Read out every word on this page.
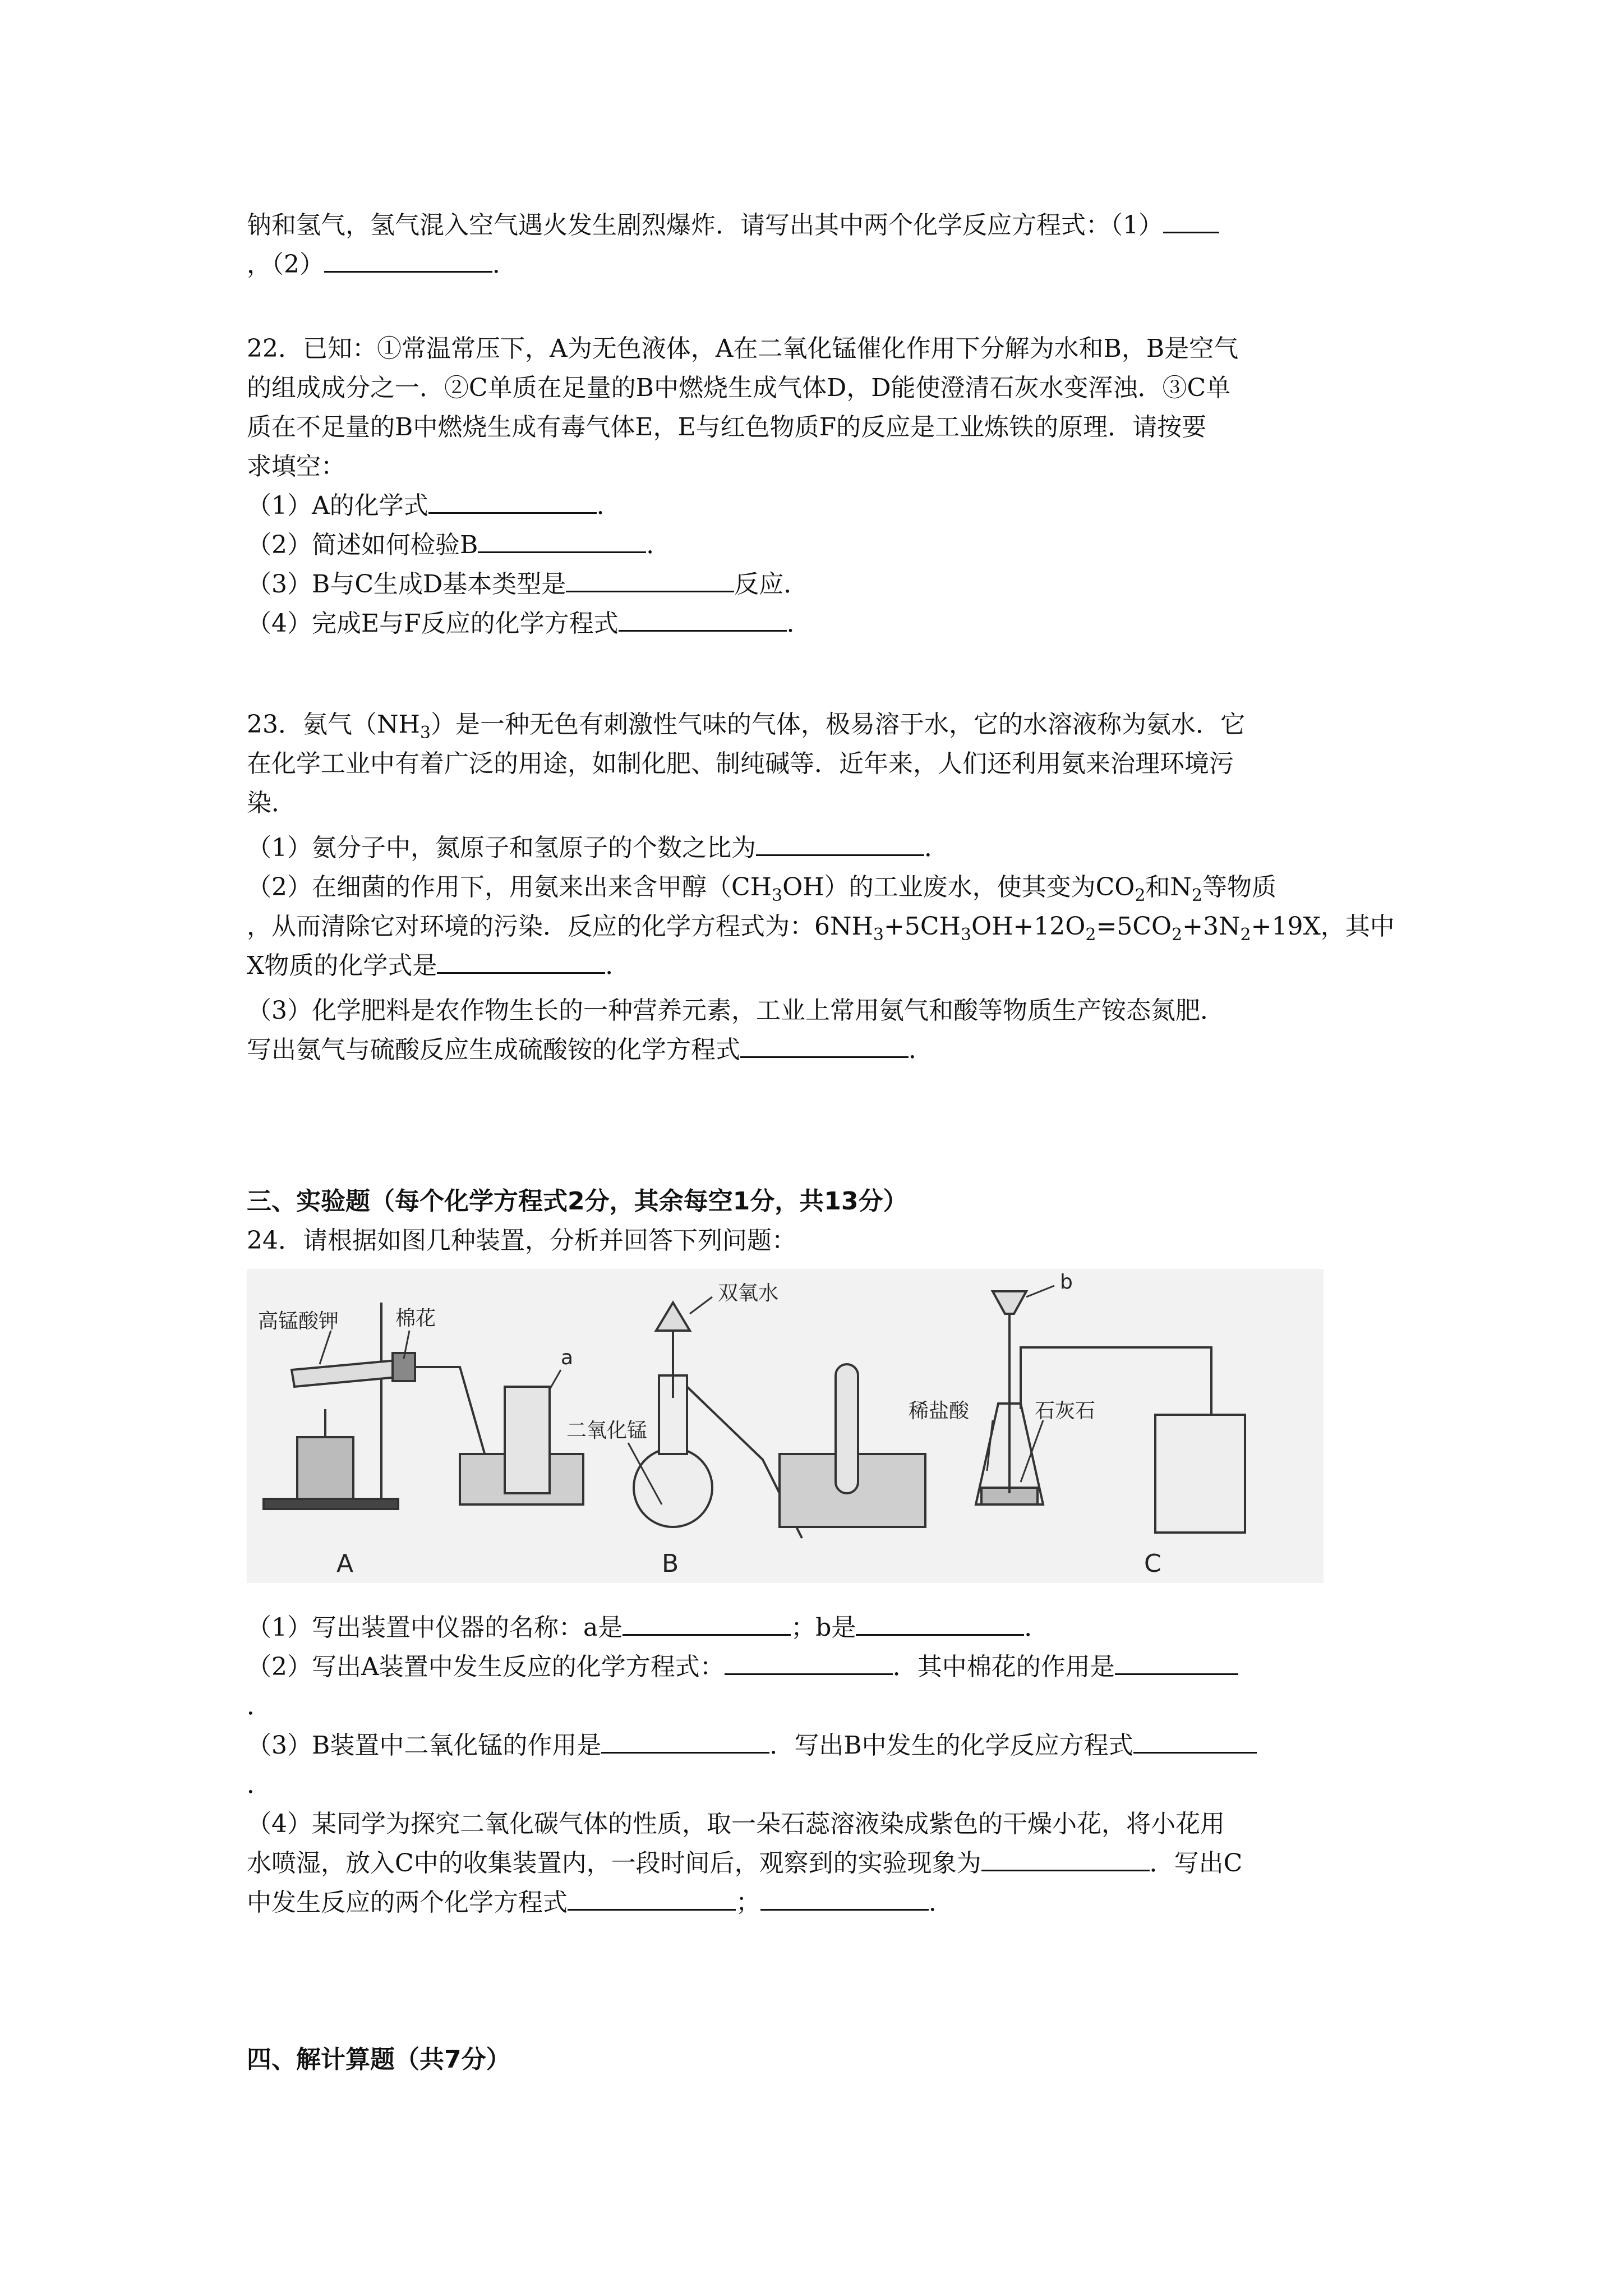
钠和氢气，氢气混入空气遇火发生剧烈爆炸．请写出其中两个化学反应方程式：（1）
，（2）	．
22．已知：①常温常压下，A为无色液体，A在二氧化锰催化作用下分解为水和B，B是空气
的组成成分之一．②C单质在足量的B中燃烧生成气体D，D能使澄清石灰水变浑浊．③C单
质在不足量的B中燃烧生成有毒气体E，E与红色物质F的反应是工业炼铁的原理．请按要
求填空：
（1）A的化学式	．
（2）简述如何检验B	．
（3）B与C生成D基本类型是	反应．
（4）完成E与F反应的化学方程式	．
23．氨气$(NH_3)$是一种无色有刺激性气味的气体，极易溶于水，它的水溶液称为氨水．它
在化学工业中有着广泛的用途，如制化肥、制纯碱等．近年来，人们还利用氨来治理环境污
染．
（1）氨分子中，氮原子和氢原子的个数之比为	．
（2）在细菌的作用下，用氨来出来含甲醇$(CH_3OH)$的工业废水，使其变为$CO_2$和$N_2$等物质
，从而清除它对环境的污染．反应的化学方程式为：$6NH_3+5CH_3OH+12O_2=5CO_2+3N_2+19X$，其中
X物质的化学式是	．
（3）化学肥料是农作物生长的一种营养元素，工业上常用氨气和酸等物质生产铵态氮肥．
写出氨气与硫酸反应生成硫酸铵的化学方程式	．
三、实验题（每个化学方程式2分，其余每空1分，共13分）
24．请根据如图几种装置，分析并回答下列问题：
高锰酸钾	棉花
a
双氧水
二氧化锰
b
稀盐酸	石灰石
A	B	C
（1）写出装置中仪器的名称：a是	；b是	．
（2）写出A装置中发生反应的化学方程式：	．其中棉花的作用是
．
（3）B装置中二氧化锰的作用是	．写出B中发生的化学反应方程式
．
（4）某同学为探究二氧化碳气体的性质，取一朵石蕊溶液染成紫色的干燥小花，将小花用
水喷湿，放入C中的收集装置内，一段时间后，观察到的实验现象为	．写出C
中发生反应的两个化学方程式	；	．
四、解计算题（共7分）
